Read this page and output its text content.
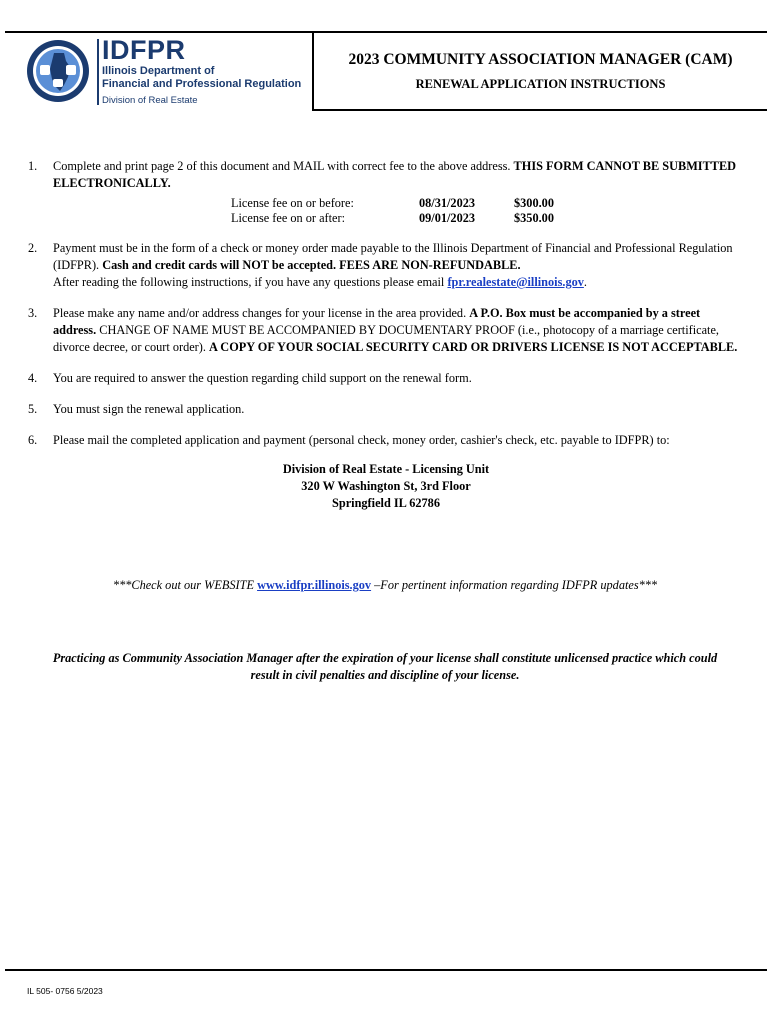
IDFPR
Illinois Department of
Financial and Professional Regulation
Division of Real Estate
2023 COMMUNITY ASSOCIATION MANAGER (CAM)
RENEWAL APPLICATION INSTRUCTIONS
1. Complete and print page 2 of this document and MAIL with correct fee to the above address. THIS FORM CANNOT BE SUBMITTED ELECTRONICALLY.
License fee on or before:	08/31/2023	$300.00
License fee on or after:	09/01/2023	$350.00
2. Payment must be in the form of a check or money order made payable to the Illinois Department of Financial and Professional Regulation (IDFPR). Cash and credit cards will NOT be accepted. FEES ARE NON-REFUNDABLE.
After reading the following instructions, if you have any questions please email fpr.realestate@illinois.gov.
3. Please make any name and/or address changes for your license in the area provided. A P.O. Box must be accompanied by a street address. CHANGE OF NAME MUST BE ACCOMPANIED BY DOCUMENTARY PROOF (i.e., photocopy of a marriage certificate, divorce decree, or court order). A COPY OF YOUR SOCIAL SECURITY CARD OR DRIVERS LICENSE IS NOT ACCEPTABLE.
4. You are required to answer the question regarding child support on the renewal form.
5. You must sign the renewal application.
6. Please mail the completed application and payment (personal check, money order, cashier's check, etc. payable to IDFPR) to:
Division of Real Estate - Licensing Unit
320 W Washington St, 3rd Floor
Springfield IL 62786
***Check out our WEBSITE www.idfpr.illinois.gov –For pertinent information regarding IDFPR updates***
Practicing as Community Association Manager after the expiration of your license shall constitute unlicensed practice which could result in civil penalties and discipline of your license.
IL 505- 0756 5/2023
